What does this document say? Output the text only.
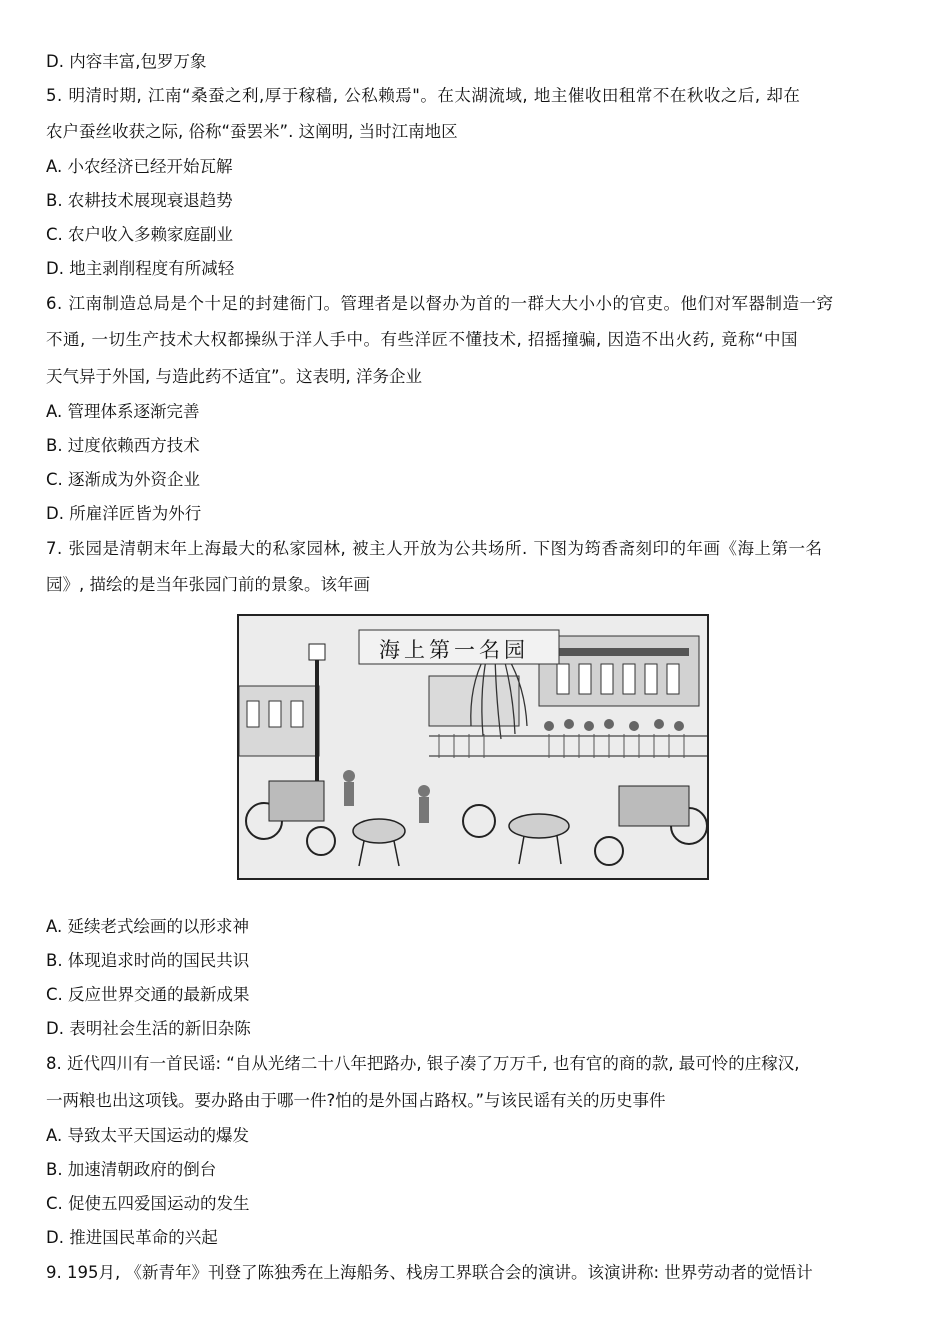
D. 内容丰富,包罗万象
5. 明清时期, 江南“桑蚕之利,厚于稼穑, 公私赖焉"。在太湖流域, 地主催收田租常不在秋收之后, 却在
农户蚕丝收获之际, 俗称“蚕罢米”. 这阐明, 当时江南地区
A. 小农经济已经开始瓦解
B. 农耕技术展现衰退趋势
C. 农户收入多赖家庭副业
D. 地主剥削程度有所减轻
6. 江南制造总局是个十足的封建衙门。管理者是以督办为首的一群大大小小的官吏。他们对军器制造一窍
不通, 一切生产技术大权都操纵于洋人手中。有些洋匠不懂技术, 招摇撞骗, 因造不出火药, 竟称“中国
天气异于外国, 与造此药不适宜”。这表明, 洋务企业
A. 管理体系逐渐完善
B. 过度依赖西方技术
C. 逐渐成为外资企业
D. 所雇洋匠皆为外行
7. 张园是清朝末年上海最大的私家园林, 被主人开放为公共场所. 下图为筠香斋刻印的年画《海上第一名
园》, 描绘的是当年张园门前的景象。该年画
海上第一名园
A. 延续老式绘画的以形求神
B. 体现追求时尚的国民共识
C. 反应世界交通的最新成果
D. 表明社会生活的新旧杂陈
8. 近代四川有一首民谣: “自从光绪二十八年把路办, 银子凑了万万千, 也有官的商的款, 最可怜的庄稼汉,
一两粮也出这项钱。要办路由于哪一件?怕的是外国占路权。”与该民谣有关的历史事件
A. 导致太平天国运动的爆发
B. 加速清朝政府的倒台
C. 促使五四爱国运动的发生
D. 推进国民革命的兴起
9. 195月, 《新青年》刊登了陈独秀在上海船务、栈房工界联合会的演讲。该演讲称: 世界劳动者的觉悟计
